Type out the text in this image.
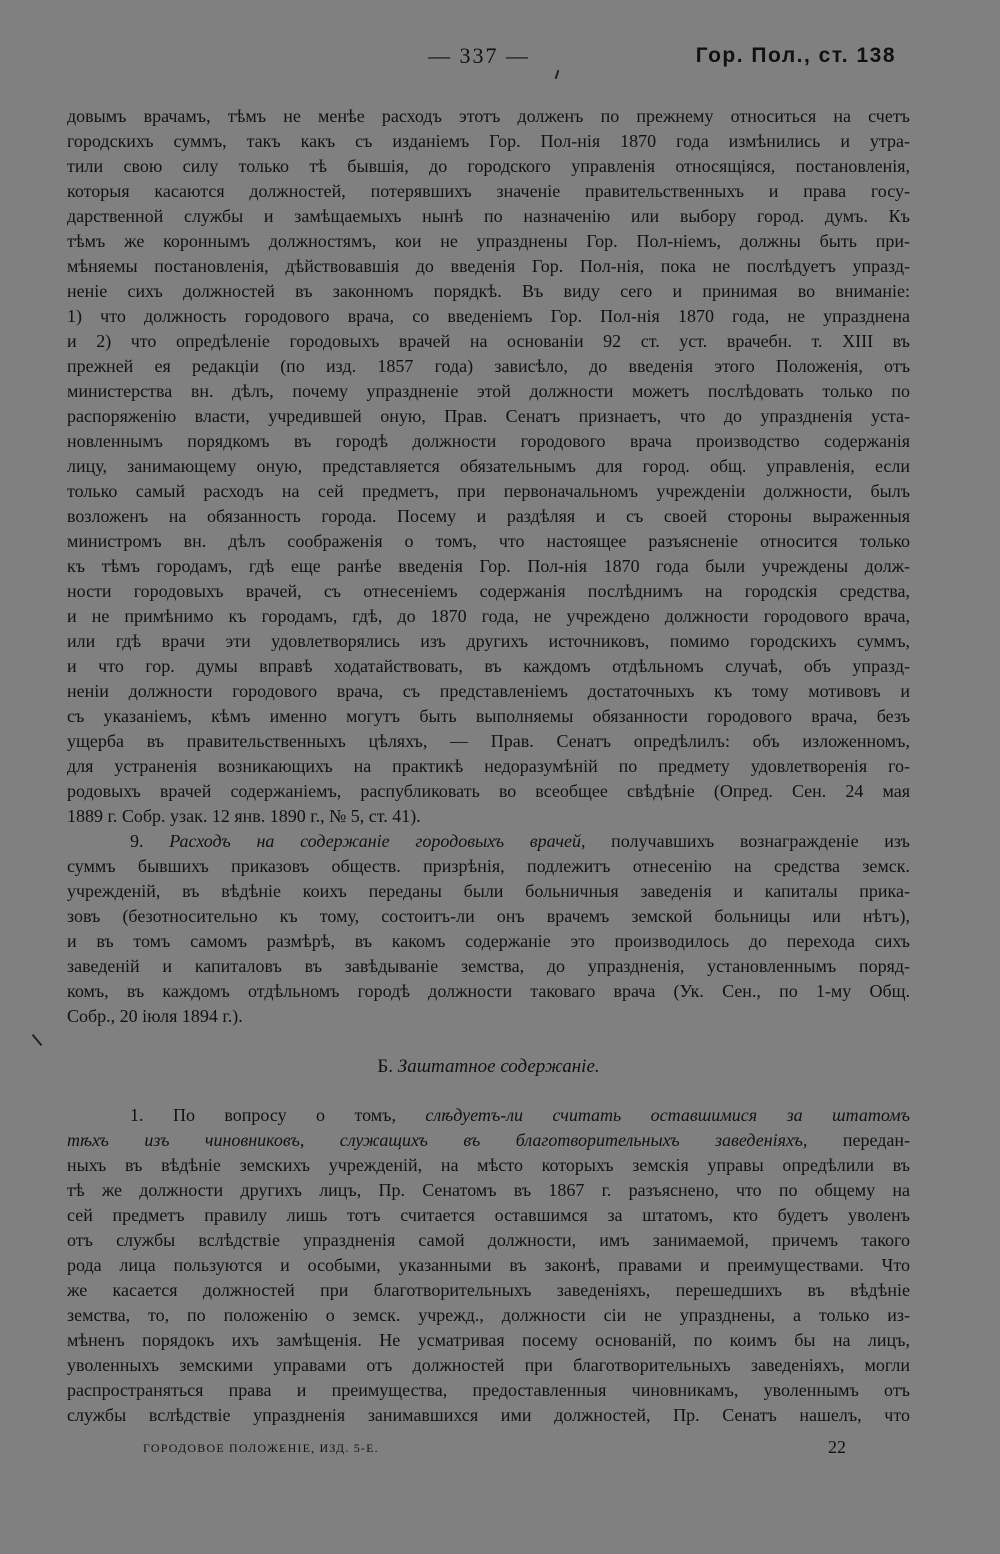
— 337 —	Гор. Пол., ст. 138
довымъ врачамъ, тѣмъ не менѣе расходъ этотъ долженъ по прежнему относиться на счетъ
городскихъ суммъ, такъ какъ съ изданіемъ Гор. Пол-нія 1870 года измѣнились и утра-
тили свою силу только тѣ бывшія, до городского управленія относящіяся, постановленія,
которыя касаются должностей, потерявшихъ значеніе правительственныхъ и права госу-
дарственной службы и замѣщаемыхъ нынѣ по назначенію или выбору город. думъ. Къ
тѣмъ же короннымъ должностямъ, кои не упразднены Гор. Пол-ніемъ, должны быть при-
мѣняемы постановленія, дѣйствовавшія до введенія Гор. Пол-нія, пока не послѣдуетъ упразд-
неніе сихъ должностей въ законномъ порядкѣ. Въ виду сего и принимая во вниманіе:
1) что должность городового врача, со введеніемъ Гор. Пол-нія 1870 года, не упразднена
и 2) что опредѣленіе городовыхъ врачей на основаніи 92 ст. уст. врачебн. т. XIII въ
прежней ея редакціи (по изд. 1857 года) зависѣло, до введенія этого Положенія, отъ
министерства вн. дѣлъ, почему упраздненіе этой должности можетъ послѣдовать только по
распоряженію власти, учредившей оную, Прав. Сенатъ признаетъ, что до упраздненія уста-
новленнымъ порядкомъ въ городѣ должности городового врача производство содержанія
лицу, занимающему оную, представляется обязательнымъ для город. общ. управленія, если
только самый расходъ на сей предметъ, при первоначальномъ учрежденіи должности, былъ
возложенъ на обязанность города. Посему и раздѣляя и съ своей стороны выраженныя
министромъ вн. дѣлъ соображенія о томъ, что настоящее разъясненіе относится только
къ тѣмъ городамъ, гдѣ еще ранѣе введенія Гор. Пол-нія 1870 года были учреждены долж-
ности городовыхъ врачей, съ отнесеніемъ содержанія послѣднимъ на городскія средства,
и не примѣнимо къ городамъ, гдѣ, до 1870 года, не учреждено должности городового врача,
или гдѣ врачи эти удовлетворялись изъ другихъ источниковъ, помимо городскихъ суммъ,
и что гор. думы вправѣ ходатайствовать, въ каждомъ отдѣльномъ случаѣ, объ упразд-
неніи должности городового врача, съ представленіемъ достаточныхъ къ тому мотивовъ и
съ указаніемъ, кѣмъ именно могутъ быть выполняемы обязанности городового врача, безъ
ущерба въ правительственныхъ цѣляхъ, — Прав. Сенатъ опредѣлилъ: объ изложенномъ,
для устраненія возникающихъ на практикѣ недоразумѣній по предмету удовлетворенія го-
родовыхъ врачей содержаніемъ, распубликовать во всеобщее свѣдѣніе (Опред. Сен. 24 мая
1889 г. Собр. узак. 12 янв. 1890 г., № 5, ст. 41).
9. Расходъ на содержаніе городовыхъ врачей, получавшихъ вознагражденіе изъ
суммъ бывшихъ приказовъ обществ. призрѣнія, подлежитъ отнесенію на средства земск.
учрежденій, въ вѣдѣніе коихъ переданы были больничныя заведенія и капиталы прика-
зовъ (безотносительно къ тому, состоитъ-ли онъ врачемъ земской больницы или нѣтъ),
и въ томъ самомъ размѣрѣ, въ какомъ содержаніе это производилось до перехода сихъ
заведеній и капиталовъ въ завѣдываніе земства, до упраздненія, установленнымъ поряд-
комъ, въ каждомъ отдѣльномъ городѣ должности таковаго врача (Ук. Сен., по 1-му Общ.
Собр., 20 іюля 1894 г.).
Б. Заштатное содержаніе.
1. По вопросу о томъ, слѣдуетъ-ли считать оставшимися за штатомъ
тѣхъ изъ чиновниковъ, служащихъ въ благотворительныхъ заведеніяхъ, передан-
ныхъ въ вѣдѣніе земскихъ учрежденій, на мѣсто которыхъ земскія управы опредѣлили въ
тѣ же должности другихъ лицъ, Пр. Сенатомъ въ 1867 г. разъяснено, что по общему на
сей предметъ правилу лишь тотъ считается оставшимся за штатомъ, кто будетъ уволенъ
отъ службы вслѣдствіе упраздненія самой должности, имъ занимаемой, причемъ такого
рода лица пользуются и особыми, указанными въ законѣ, правами и преимуществами. Что
же касается должностей при благотворительныхъ заведеніяхъ, перешедшихъ въ вѣдѣніе
земства, то, по положенію о земск. учрежд., должности сіи не упразднены, а только из-
мѣненъ порядокъ ихъ замѣщенія. Не усматривая посему основаній, по коимъ бы на лицъ,
уволенныхъ земскими управами отъ должностей при благотворительныхъ заведеніяхъ, могли
распространяться права и преимущества, предоставленныя чиновникамъ, уволеннымъ отъ
службы вслѣдствіе упраздненія занимавшихся ими должностей, Пр. Сенатъ нашелъ, что
ГОРОДОВОЕ ПОЛОЖЕНІЕ, ИЗД. 5-Е.	22
